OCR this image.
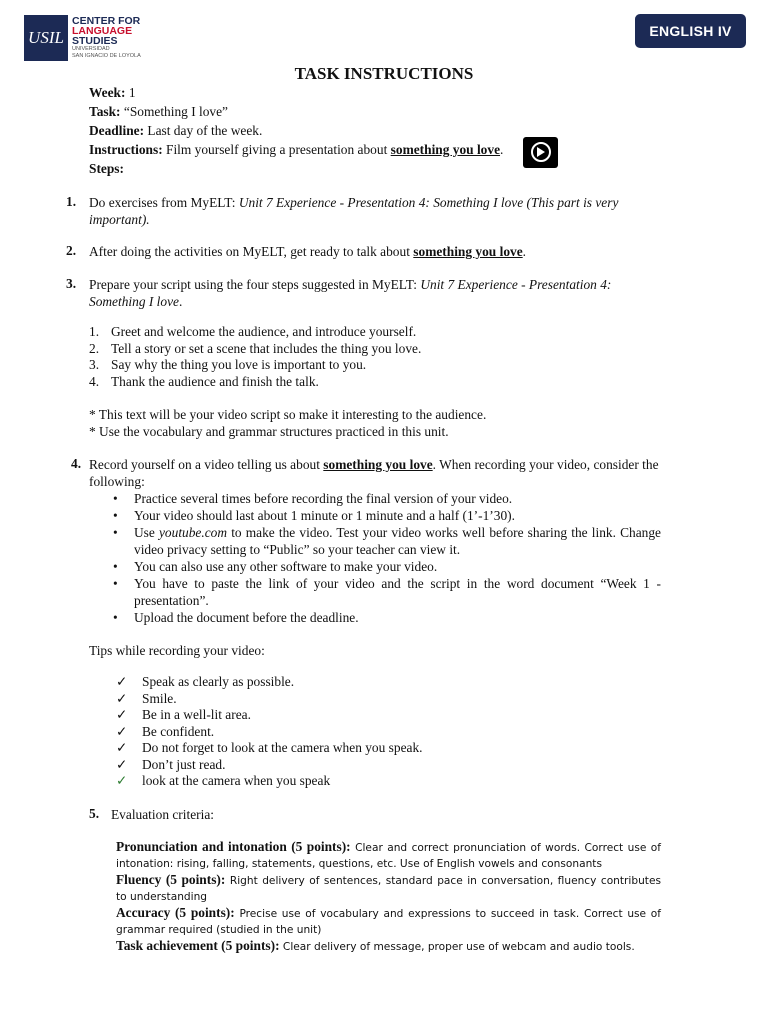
USIL
CENTER FOR
LANGUAGE
STUDIES
UNIVERSIDAD
SAN IGNACIO DE LOYOLA
ENGLISH IV
TASK INSTRUCTIONS
Week: 1
Task: “Something I love”
Deadline: Last day of the week.
Instructions: Film yourself giving a presentation about something you love.
Steps:
1. Do exercises from MyELT: Unit 7 Experience - Presentation 4: Something I love (This part is very important).
2. After doing the activities on MyELT, get ready to talk about something you love.
3. Prepare your script using the four steps suggested in MyELT: Unit 7 Experience - Presentation 4: Something I love.
1. Greet and welcome the audience, and introduce yourself.
2. Tell a story or set a scene that includes the thing you love.
3. Say why the thing you love is important to you.
4. Thank the audience and finish the talk.
* This text will be your video script so make it interesting to the audience.
* Use the vocabulary and grammar structures practiced in this unit.
4. Record yourself on a video telling us about something you love. When recording your video, consider the following:
• Practice several times before recording the final version of your video.
• Your video should last about 1 minute or 1 minute and a half (1’-1’30).
• Use youtube.com to make the video. Test your video works well before sharing the link. Change video privacy setting to “Public” so your teacher can view it.
• You can also use any other software to make your video.
• You have to paste the link of your video and the script in the word document “Week 1 - presentation”.
• Upload the document before the deadline.
Tips while recording your video:
✓ Speak as clearly as possible.
✓ Smile.
✓ Be in a well-lit area.
✓ Be confident.
✓ Do not forget to look at the camera when you speak.
✓ Don’t just read.
✓ look at the camera when you speak
5. Evaluation criteria:
Pronunciation and intonation (5 points): Clear and correct pronunciation of words. Correct use of intonation: rising, falling, statements, questions, etc. Use of English vowels and consonants
Fluency (5 points): Right delivery of sentences, standard pace in conversation, fluency contributes to understanding
Accuracy (5 points): Precise use of vocabulary and expressions to succeed in task. Correct use of grammar required (studied in the unit)
Task achievement (5 points): Clear delivery of message, proper use of webcam and audio tools.
